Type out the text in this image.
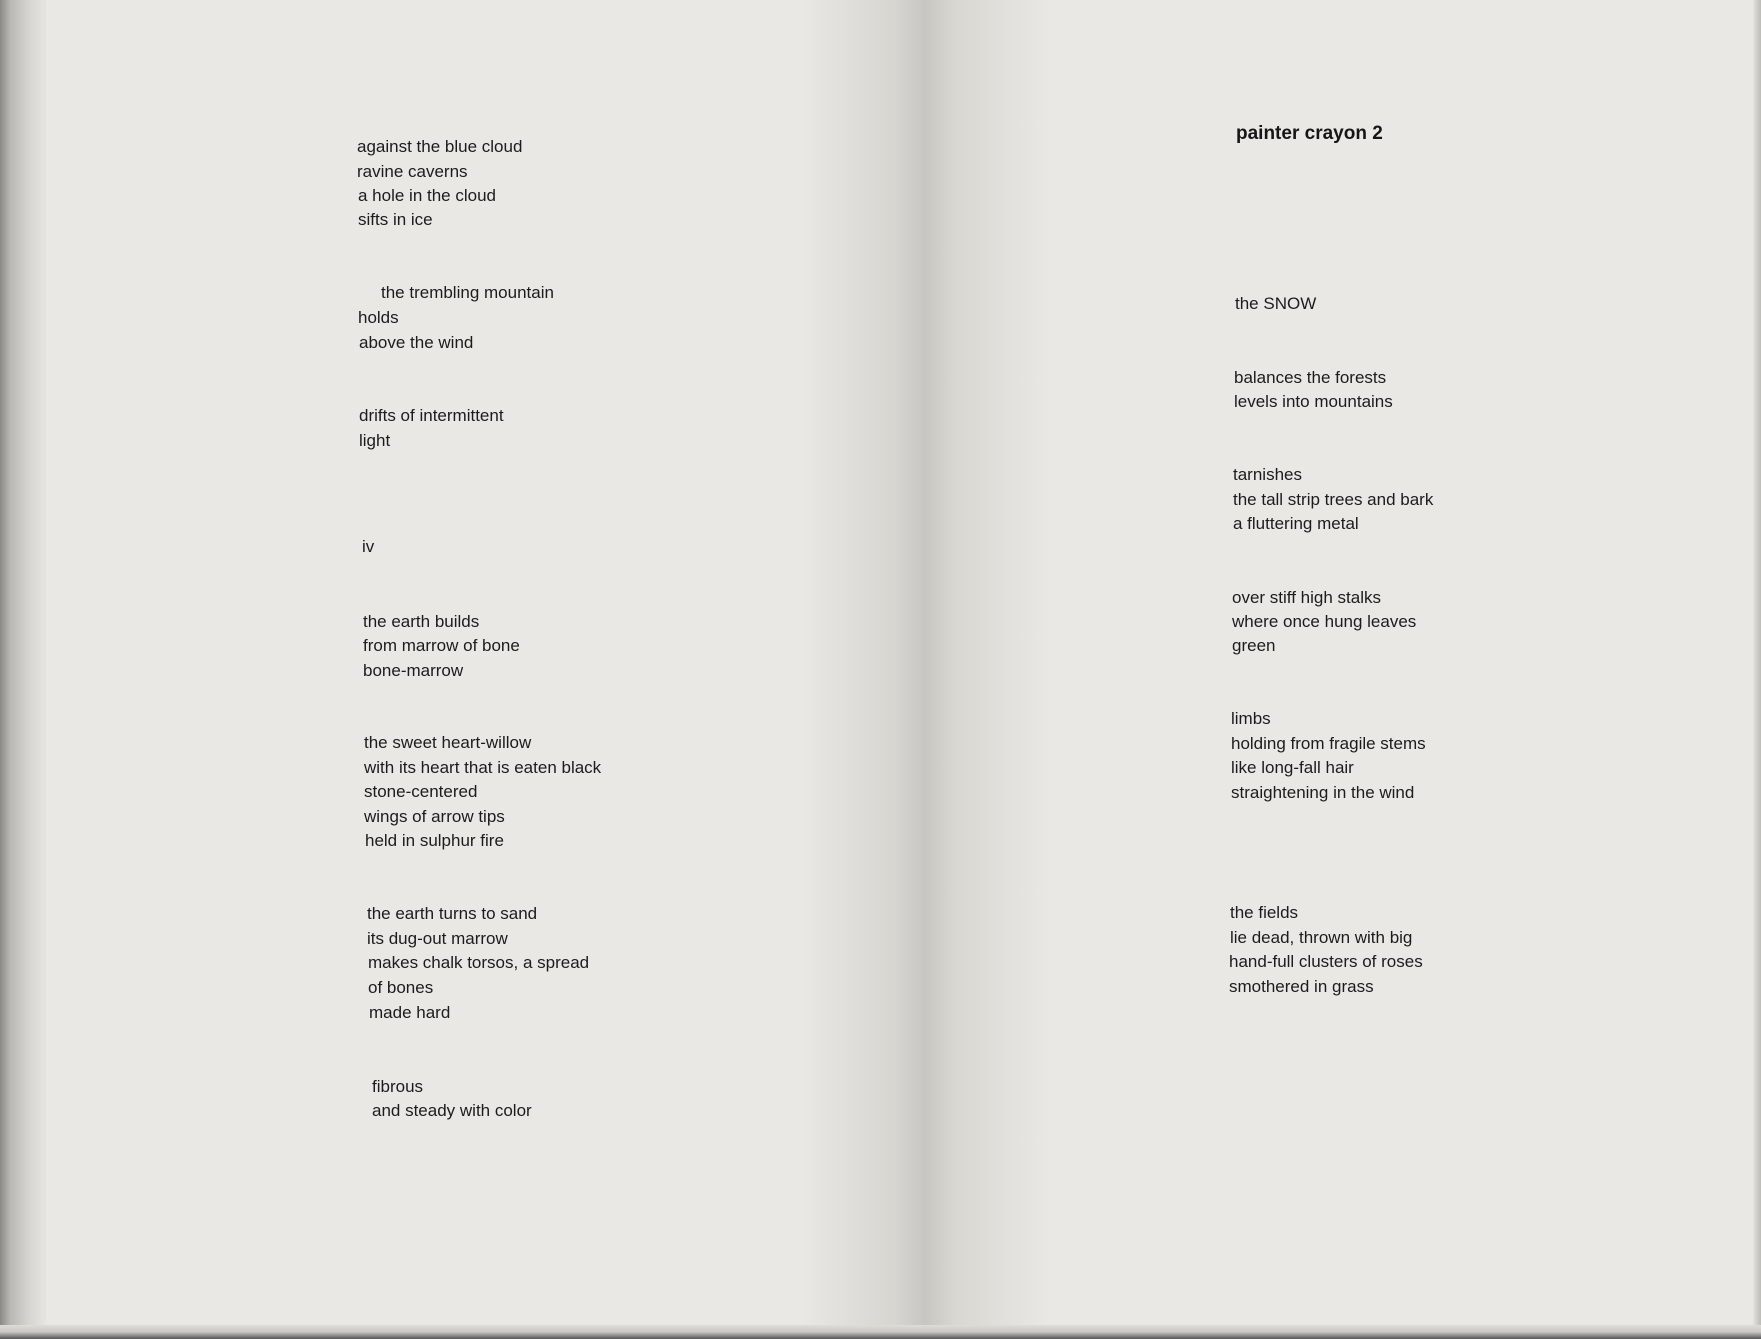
against the blue cloud

ravine caverns

a hole in the cloud

sifts in ice

the trembling mountain

holds

above the wind

drifts of intermittent

light

iv

the earth builds

from marrow of bone

bone-marrow

the sweet heart-willow

with its heart that is eaten black

stone-centered

wings of arrow tips

held in sulphur fire

the earth turns to sand

its dug-out marrow

makes chalk torsos, a spread

of bones

made hard

fibrous

and steady with color

painter crayon 2

the SNOW

balances the forests

levels into mountains

tarnishes

the tall strip trees and bark

a fluttering metal

over stiff high stalks

where once hung leaves

green

limbs

holding from fragile stems

like long-fall hair

straightening in the wind

the fields

lie dead, thrown with big

hand-full clusters of roses

smothered in grass
